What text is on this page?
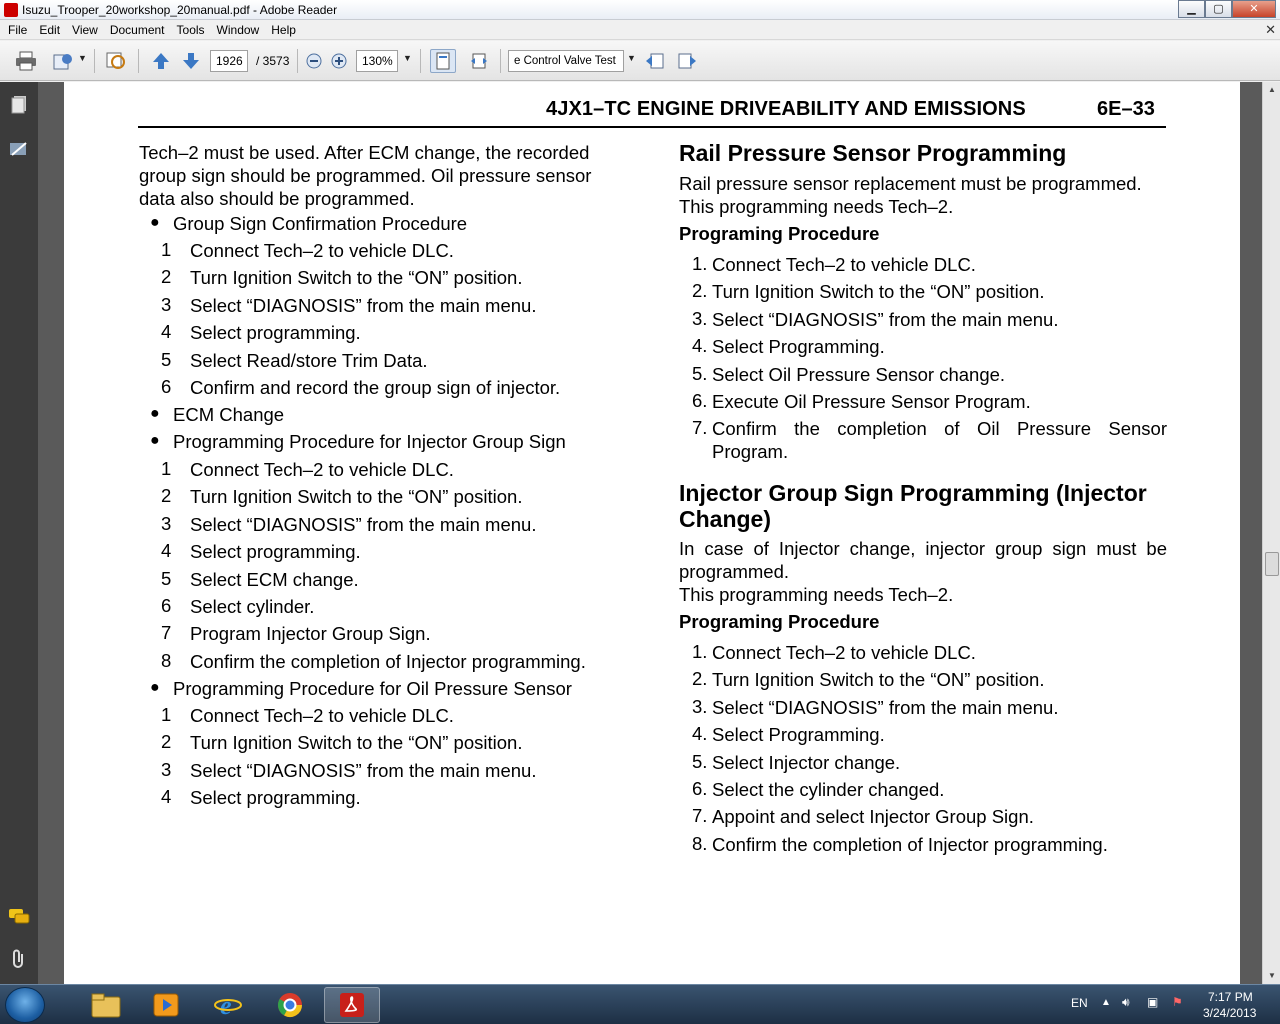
Isuzu_Trooper_20workshop_20manual.pdf - Adobe Reader	▁	▢	✕
File	Edit	View	Document	Tools	Window	Help	✕
▼	1926	/ 3573	130%	▼	e Control Valve Test	▼
4JX1–TC ENGINE DRIVEABILITY AND EMISSIONS	6E–33
Tech–2 must be used. After ECM change, the recorded
group sign should be programmed. Oil pressure sensor
data also should be programmed.
● Group Sign Confirmation Procedure
1 Connect Tech–2 to vehicle DLC.
2 Turn Ignition Switch to the “ON” position.
3 Select “DIAGNOSIS” from the main menu.
4 Select programming.
5 Select Read/store Trim Data.
6 Confirm and record the group sign of injector.
● ECM Change
● Programming Procedure for Injector Group Sign
1 Connect Tech–2 to vehicle DLC.
2 Turn Ignition Switch to the “ON” position.
3 Select “DIAGNOSIS” from the main menu.
4 Select programming.
5 Select ECM change.
6 Select cylinder.
7 Program Injector Group Sign.
8 Confirm the completion of Injector programming.
● Programming Procedure for Oil Pressure Sensor
1 Connect Tech–2 to vehicle DLC.
2 Turn Ignition Switch to the “ON” position.
3 Select “DIAGNOSIS” from the main menu.
4 Select programming.
Rail Pressure Sensor Programming
Rail pressure sensor replacement must be programmed.
This programming needs Tech–2.
Programing Procedure
1. Connect Tech–2 to vehicle DLC.
2. Turn Ignition Switch to the “ON” position.
3. Select “DIAGNOSIS” from the main menu.
4. Select Programming.
5. Select Oil Pressure Sensor change.
6. Execute Oil Pressure Sensor Program.
7. Confirm the completion of Oil Pressure Sensor
Program.
Injector Group Sign Programming (Injector
Change)
In case of Injector change, injector group sign must be
programmed.
This programming needs Tech–2.
Programing Procedure
1. Connect Tech–2 to vehicle DLC.
2. Turn Ignition Switch to the “ON” position.
3. Select “DIAGNOSIS” from the main menu.
4. Select Programming.
5. Select Injector change.
6. Select the cylinder changed.
7. Appoint and select Injector Group Sign.
8. Confirm the completion of Injector programming.
▲
▼
e	EN ▲ 🔊︎ ▣ ⚑ 7:17 PM
3/24/2013
